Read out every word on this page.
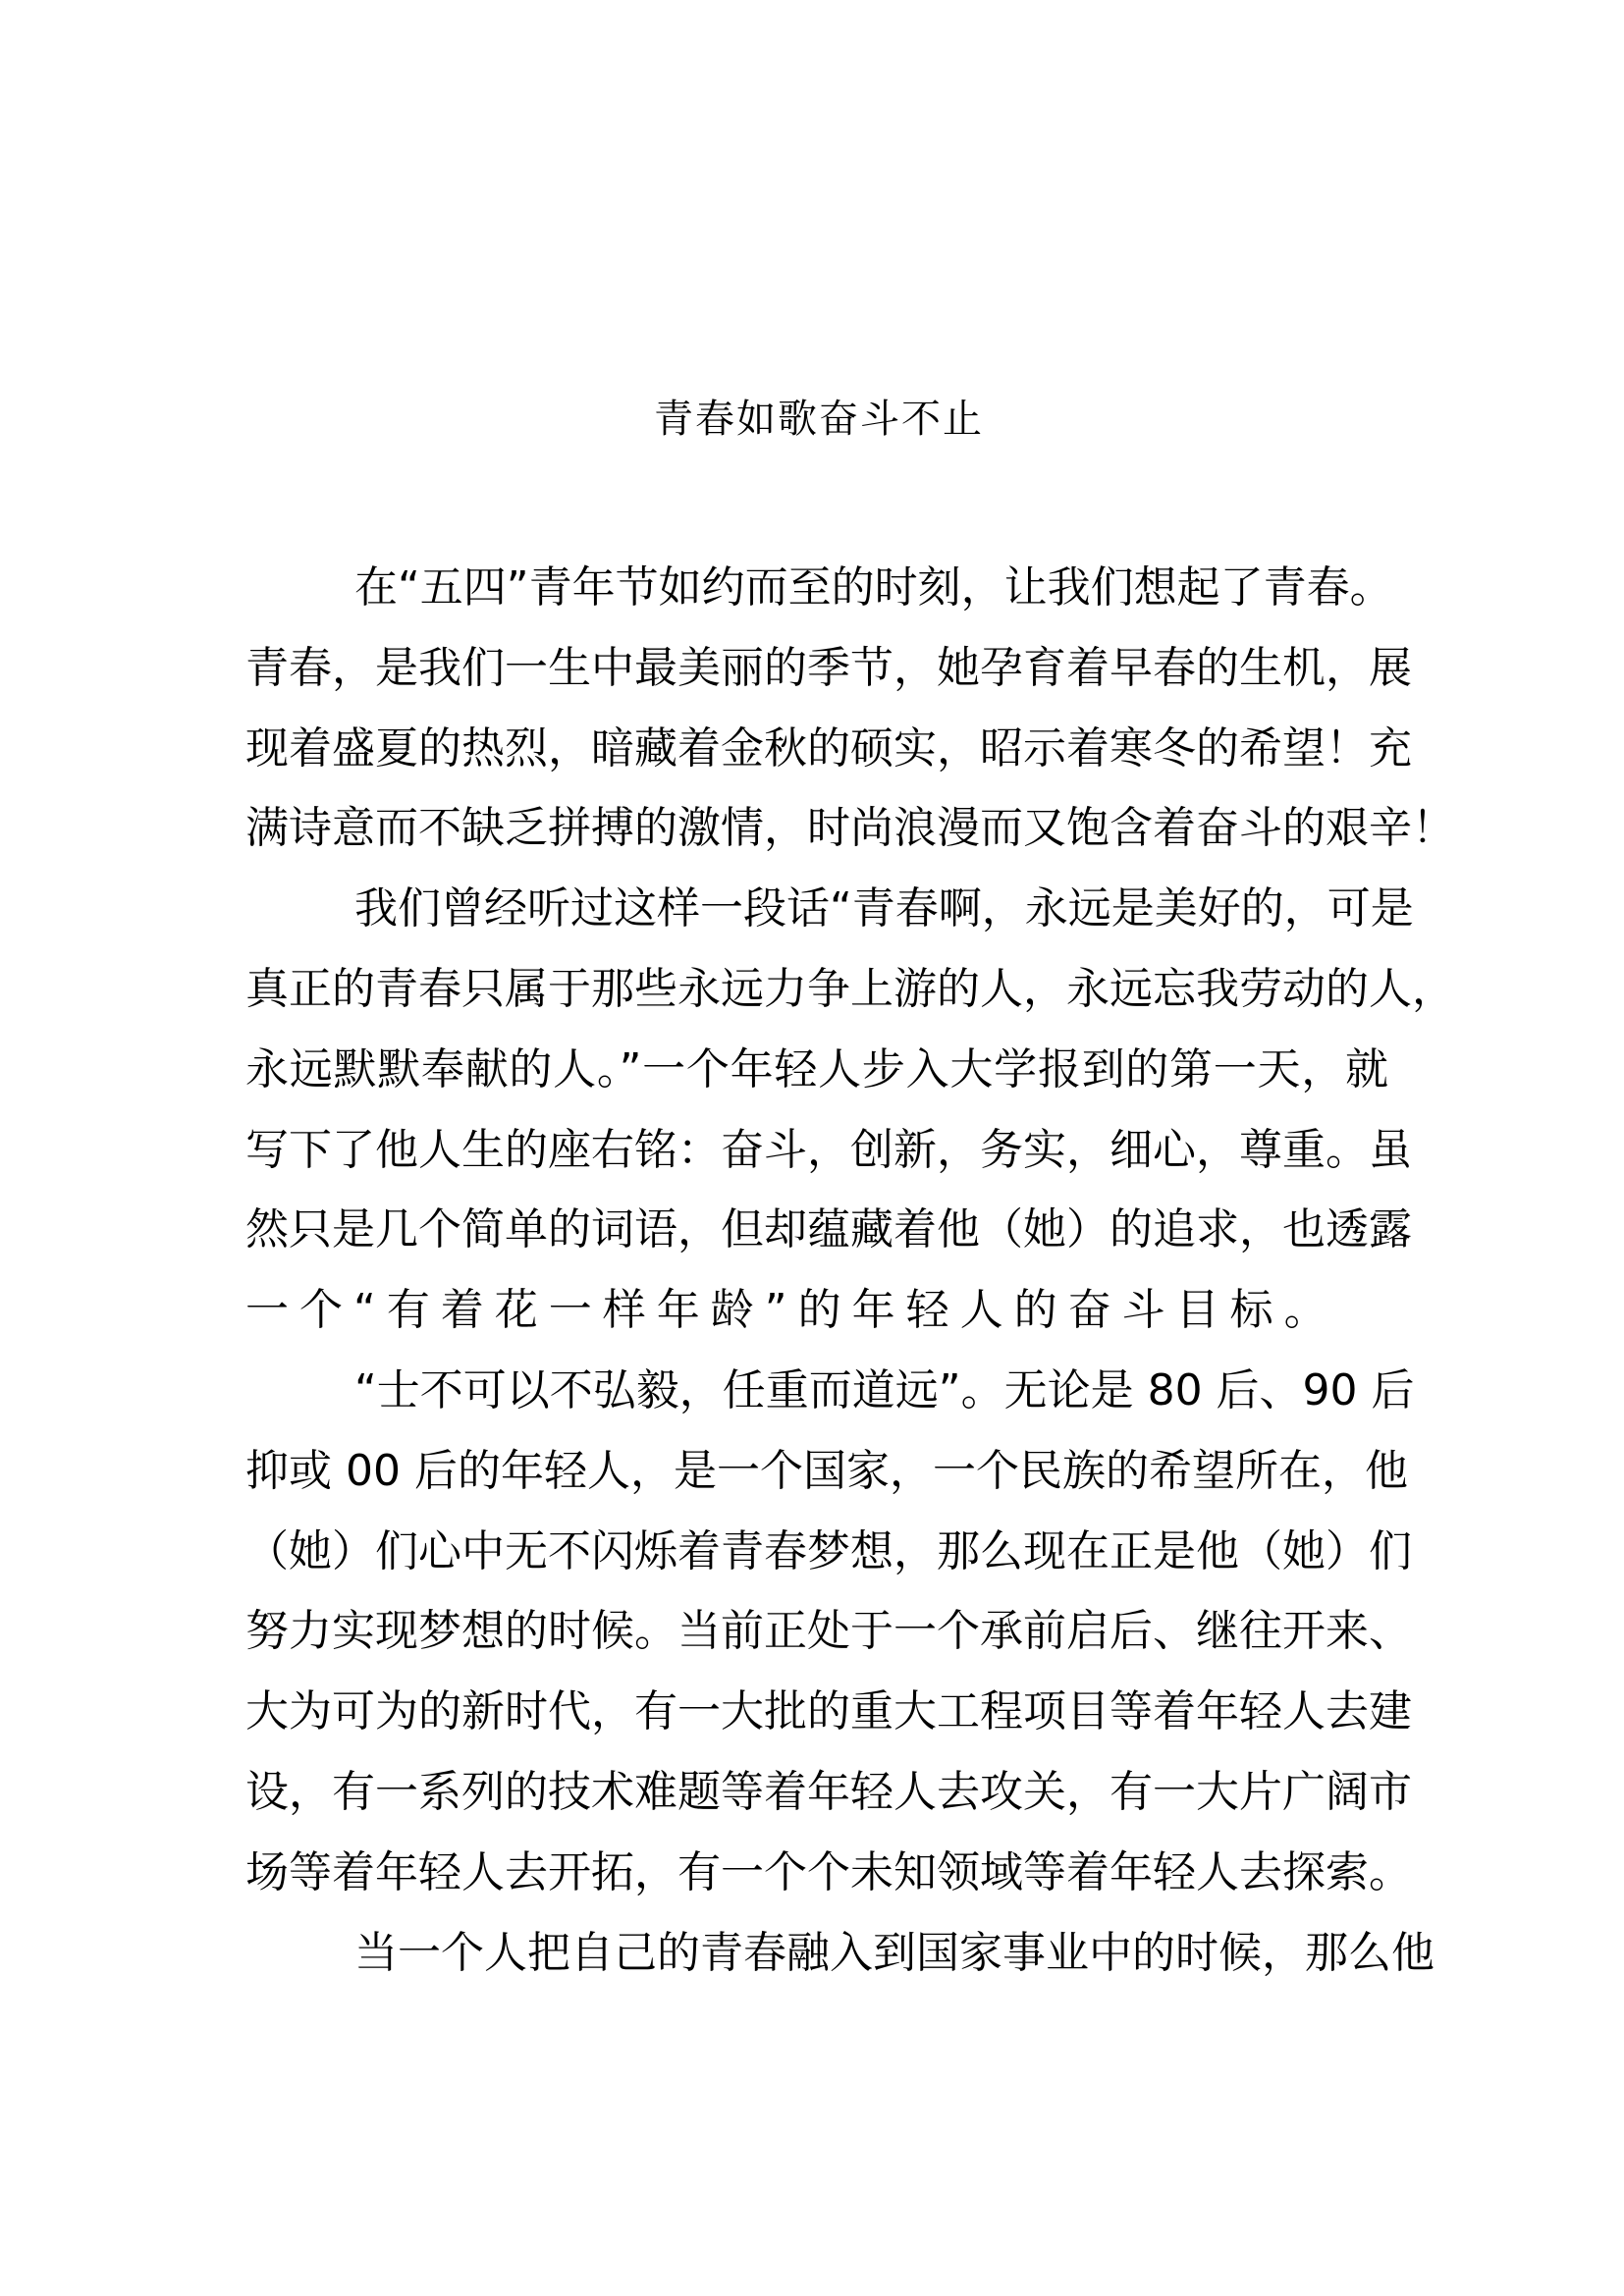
青春如歌奋斗不止
在“五四”青年节如约而至的时刻，让我们想起了青春。
青春，是我们一生中最美丽的季节，她孕育着早春的生机，展
现着盛夏的热烈，暗藏着金秋的硕实，昭示着寒冬的希望！充
满诗意而不缺乏拼搏的激情，时尚浪漫而又饱含着奋斗的艰辛！
我们曾经听过这样一段话“青春啊，永远是美好的，可是
真正的青春只属于那些永远力争上游的人，永远忘我劳动的人，
永远默默奉献的人。”一个年轻人步入大学报到的第一天，就
写下了他人生的座右铭：奋斗，创新，务实，细心，尊重。虽
然只是几个简单的词语，但却蕴藏着他（她）的追求，也透露
一个“有着花一样年龄”的年轻人的奋斗目标。
“士不可以不弘毅，任重而道远”。无论是 80 后、90 后
抑或 00 后的年轻人，是一个国家，一个民族的希望所在，他
（她）们心中无不闪烁着青春梦想，那么现在正是他（她）们
努力实现梦想的时候。当前正处于一个承前启后、继往开来、
大为可为的新时代，有一大批的重大工程项目等着年轻人去建
设，有一系列的技术难题等着年轻人去攻关，有一大片广阔市
场等着年轻人去开拓，有一个个未知领域等着年轻人去探索。
当一个人把自己的青春融入到国家事业中的时候，那么他
